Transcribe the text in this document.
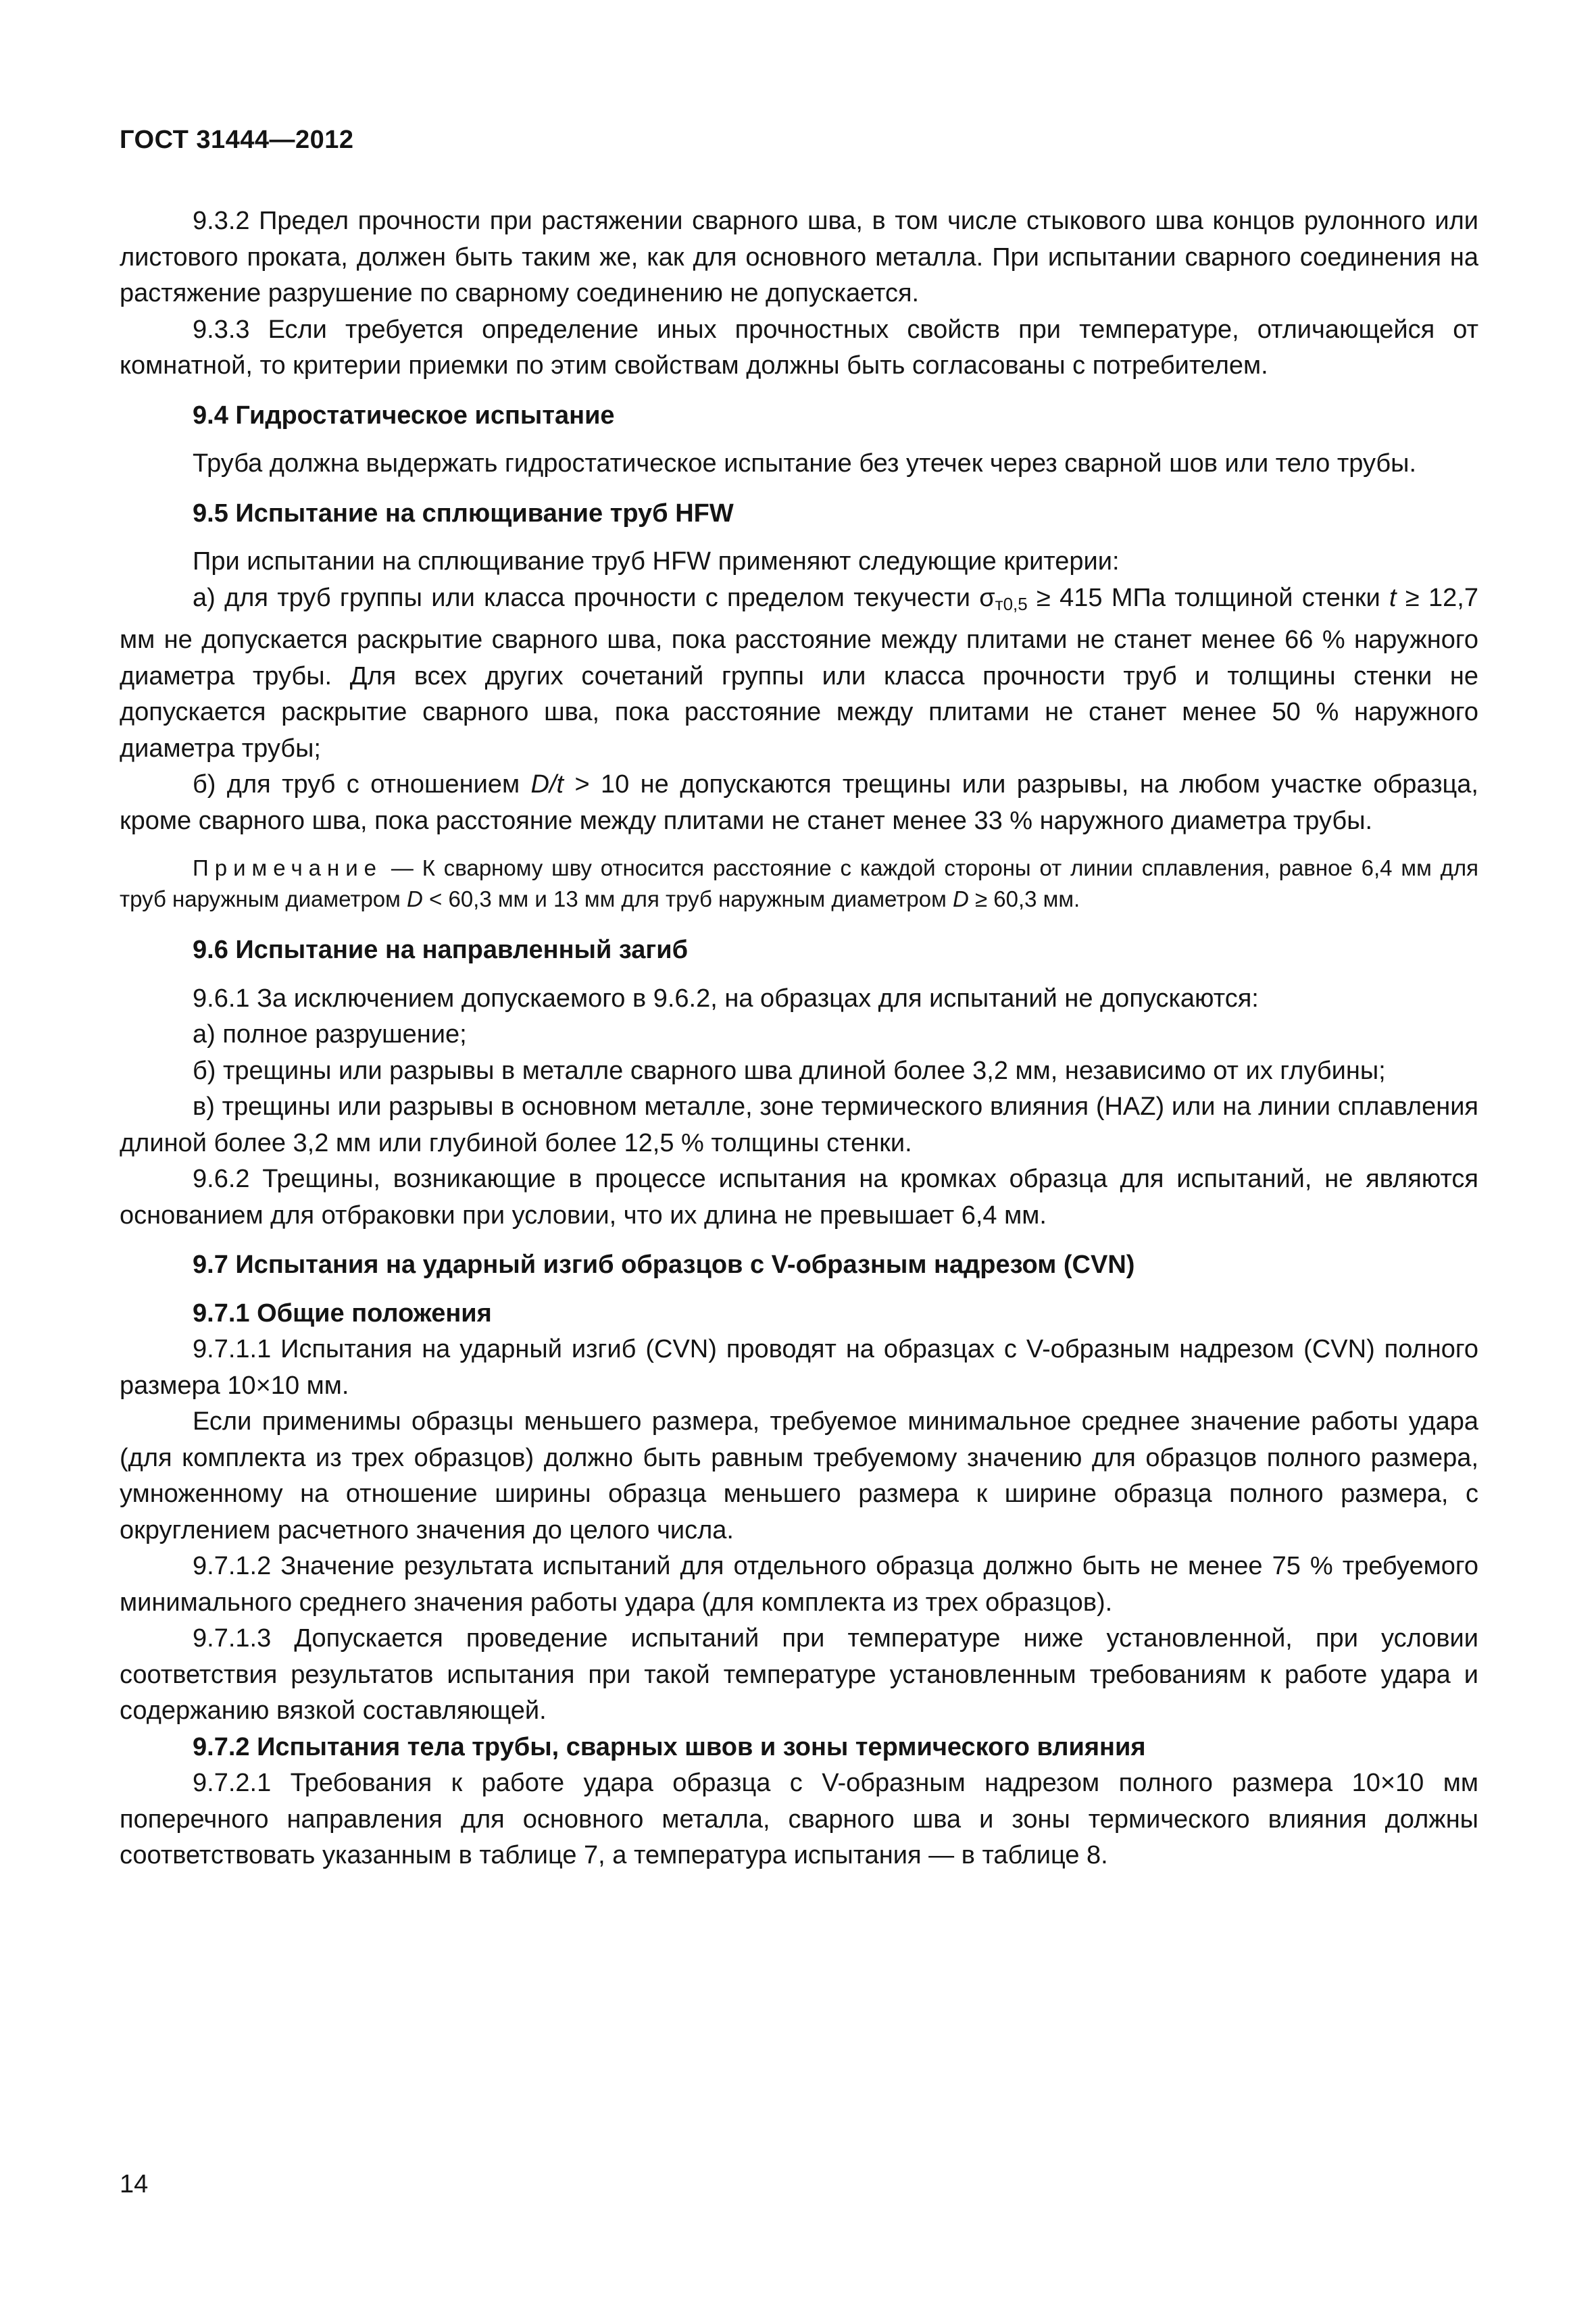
ГОСТ 31444—2012

9.3.2 Предел прочности при растяжении сварного шва, в том числе стыкового шва концов рулонного или листового проката, должен быть таким же, как для основного металла. При испытании сварного соединения на растяжение разрушение по сварному соединению не допускается.

9.3.3 Если требуется определение иных прочностных свойств при температуре, отличающейся от комнатной, то критерии приемки по этим свойствам должны быть согласованы с потребителем.

9.4 Гидростатическое испытание

Труба должна выдержать гидростатическое испытание без утечек через сварной шов или тело трубы.

9.5 Испытание на сплющивание труб HFW

При испытании на сплющивание труб HFW применяют следующие критерии:

а) для труб группы или класса прочности с пределом текучести $\sigma_{т0,5} \ge 415$ МПа толщиной стенки t ≥ 12,7 мм не допускается раскрытие сварного шва, пока расстояние между плитами не станет менее 66 % наружного диаметра трубы. Для всех других сочетаний группы или класса прочности труб и толщины стенки не допускается раскрытие сварного шва, пока расстояние между плитами не станет менее 50 % наружного диаметра трубы;

б) для труб с отношением D/t > 10 не допускаются трещины или разрывы, на любом участке образца, кроме сварного шва, пока расстояние между плитами не станет менее 33 % наружного диаметра трубы.

Примечание — К сварному шву относится расстояние с каждой стороны от линии сплавления, равное 6,4 мм для труб наружным диаметром D < 60,3 мм и 13 мм для труб наружным диаметром D ≥ 60,3 мм.
9.6 Испытание на направленный загиб

9.6.1 За исключением допускаемого в 9.6.2, на образцах для испытаний не допускаются:

а) полное разрушение;

б) трещины или разрывы в металле сварного шва длиной более 3,2 мм, независимо от их глубины;

в) трещины или разрывы в основном металле, зоне термического влияния (HAZ) или на линии сплавления длиной более 3,2 мм или глубиной более 12,5 % толщины стенки.

9.6.2 Трещины, возникающие в процессе испытания на кромках образца для испытаний, не являются основанием для отбраковки при условии, что их длина не превышает 6,4 мм.

9.7 Испытания на ударный изгиб образцов с V-образным надрезом (CVN)
9.7.1 Общие положения

9.7.1.1 Испытания на ударный изгиб (CVN) проводят на образцах с V-образным надрезом (CVN) полного размера 10×10 мм.

Если применимы образцы меньшего размера, требуемое минимальное среднее значение работы удара (для комплекта из трех образцов) должно быть равным требуемому значению для образцов полного размера, умноженному на отношение ширины образца меньшего размера к ширине образца полного размера, с округлением расчетного значения до целого числа.

9.7.1.2 Значение результата испытаний для отдельного образца должно быть не менее 75 % требуемого минимального среднего значения работы удара (для комплекта из трех образцов).

9.7.1.3 Допускается проведение испытаний при температуре ниже установленной, при условии соответствия результатов испытания при такой температуре установленным требованиям к работе удара и содержанию вязкой составляющей.

9.7.2 Испытания тела трубы, сварных швов и зоны термического влияния

9.7.2.1 Требования к работе удара образца с V-образным надрезом полного размера 10×10 мм поперечного направления для основного металла, сварного шва и зоны термического влияния должны соответствовать указанным в таблице 7, а температура испытания — в таблице 8.

14
